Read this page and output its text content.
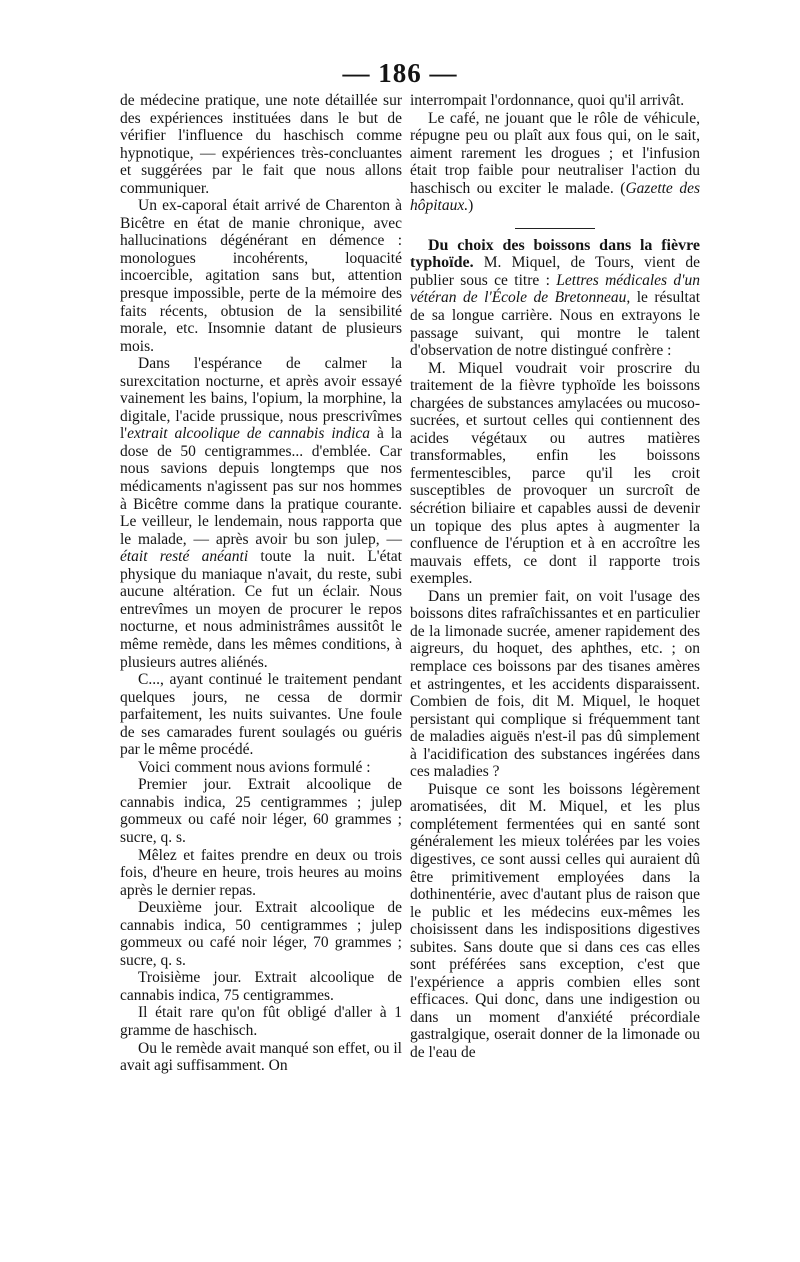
— 186 —

de médecine pratique, une note détaillée sur des expériences instituées dans le but de vérifier l'influence du haschisch comme hypnotique, — expériences très-concluantes et suggérées par le fait que nous allons communiquer.

Un ex-caporal était arrivé de Charenton à Bicêtre en état de manie chronique, avec hallucinations dégénérant en démence : monologues incohérents, loquacité incoercible, agitation sans but, attention presque impossible, perte de la mémoire des faits récents, obtusion de la sensibilité morale, etc. Insomnie datant de plusieurs mois.

Dans l'espérance de calmer la surexcitation nocturne, et après avoir essayé vainement les bains, l'opium, la morphine, la digitale, l'acide prussique, nous prescrivîmes l'extrait alcoolique de cannabis indica à la dose de 50 centigrammes... d'emblée. Car nous savions depuis longtemps que nos médicaments n'agissent pas sur nos hommes à Bicêtre comme dans la pratique courante. Le veilleur, le lendemain, nous rapporta que le malade, — après avoir bu son julep, — était resté anéanti toute la nuit. L'état physique du maniaque n'avait, du reste, subi aucune altération. Ce fut un éclair. Nous entrevîmes un moyen de procurer le repos nocturne, et nous administrâmes aussitôt le même remède, dans les mêmes conditions, à plusieurs autres aliénés.

C..., ayant continué le traitement pendant quelques jours, ne cessa de dormir parfaitement, les nuits suivantes. Une foule de ses camarades furent soulagés ou guéris par le même procédé.

Voici comment nous avions formulé :

Premier jour. Extrait alcoolique de cannabis indica, 25 centigrammes ; julep gommeux ou café noir léger, 60 grammes ; sucre, q. s.

Mêlez et faites prendre en deux ou trois fois, d'heure en heure, trois heures au moins après le dernier repas.

Deuxième jour. Extrait alcoolique de cannabis indica, 50 centigrammes ; julep gommeux ou café noir léger, 70 grammes ; sucre, q. s.

Troisième jour. Extrait alcoolique de cannabis indica, 75 centigrammes.

Il était rare qu'on fût obligé d'aller à 1 gramme de haschisch.

Ou le remède avait manqué son effet, ou il avait agi suffisamment. On

interrompait l'ordonnance, quoi qu'il arrivât.

Le café, ne jouant que le rôle de véhicule, répugne peu ou plaît aux fous qui, on le sait, aiment rarement les drogues ; et l'infusion était trop faible pour neutraliser l'action du haschisch ou exciter le malade. (Gazette des hôpitaux.)

Du choix des boissons dans la fièvre typhoïde. M. Miquel, de Tours, vient de publier sous ce titre : Lettres médicales d'un vétéran de l'École de Bretonneau, le résultat de sa longue carrière. Nous en extrayons le passage suivant, qui montre le talent d'observation de notre distingué confrère :

M. Miquel voudrait voir proscrire du traitement de la fièvre typhoïde les boissons chargées de substances amylacées ou mucoso-sucrées, et surtout celles qui contiennent des acides végétaux ou autres matières transformables, enfin les boissons fermentescibles, parce qu'il les croit susceptibles de provoquer un surcroît de sécrétion biliaire et capables aussi de devenir un topique des plus aptes à augmenter la confluence de l'éruption et à en accroître les mauvais effets, ce dont il rapporte trois exemples.

Dans un premier fait, on voit l'usage des boissons dites rafraîchissantes et en particulier de la limonade sucrée, amener rapidement des aigreurs, du hoquet, des aphthes, etc. ; on remplace ces boissons par des tisanes amères et astringentes, et les accidents disparaissent. Combien de fois, dit M. Miquel, le hoquet persistant qui complique si fréquemment tant de maladies aiguës n'est-il pas dû simplement à l'acidification des substances ingérées dans ces maladies ?

Puisque ce sont les boissons légèrement aromatisées, dit M. Miquel, et les plus complétement fermentées qui en santé sont généralement les mieux tolérées par les voies digestives, ce sont aussi celles qui auraient dû être primitivement employées dans la dothinentérie, avec d'autant plus de raison que le public et les médecins eux-mêmes les choisissent dans les indispositions digestives subites. Sans doute que si dans ces cas elles sont préférées sans exception, c'est que l'expérience a appris combien elles sont efficaces. Qui donc, dans une indigestion ou dans un moment d'anxiété précordiale gastralgique, oserait donner de la limonade ou de l'eau de
